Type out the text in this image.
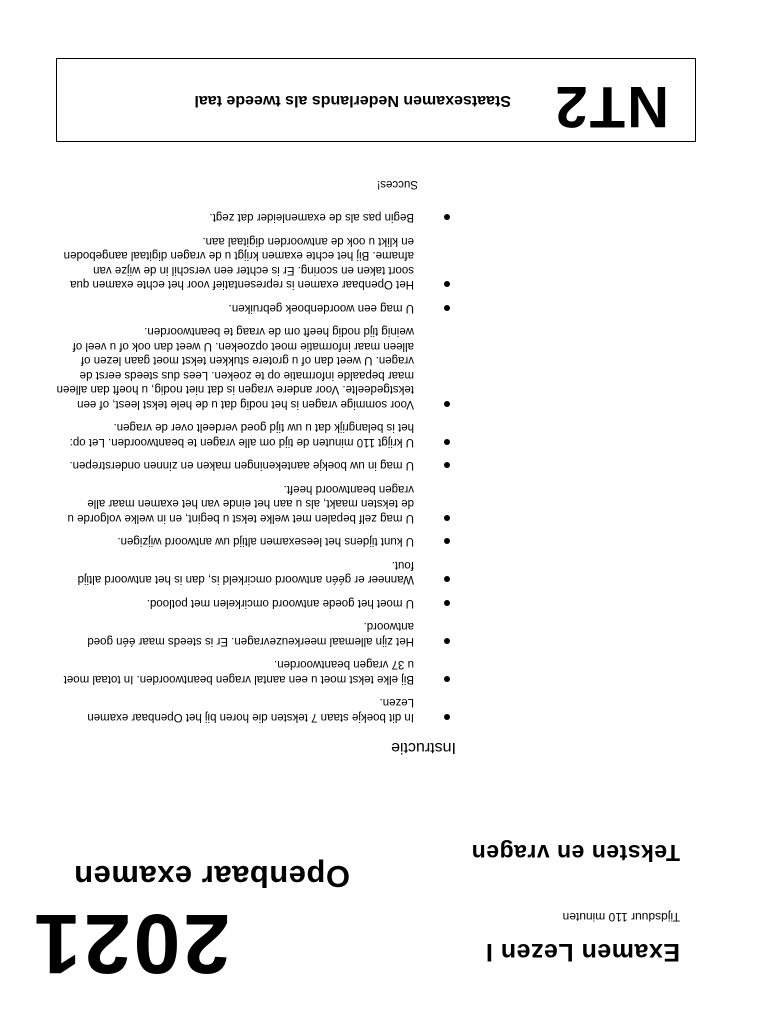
Examen Lezen I
Tijdsduur 110 minuten
2021
Openbaar examen
Teksten en vragen
Instructie
In dit boekje staan 7 teksten die horen bij het Openbaar examen Lezen.
Bij elke tekst moet u een aantal vragen beantwoorden. In totaal moet u 37 vragen beantwoorden.
Het zijn allemaal meerkeuzevragen. Er is steeds maar één goed antwoord.
U moet het goede antwoord omcirkelen met potlood.
Wanneer er géén antwoord omcirkeld is, dan is het antwoord altijd fout.
U kunt tijdens het leesexamen altijd uw antwoord wijzigen.
U mag zelf bepalen met welke tekst u begint, en in welke volgorde u de teksten maakt, als u aan het einde van het examen maar alle vragen beantwoord heeft.
U mag in uw boekje aantekeningen maken en zinnen onderstrepen.
U krijgt 110 minuten de tijd om alle vragen te beantwoorden. Let op: het is belangrijk dat u uw tijd goed verdeelt over de vragen.
Voor sommige vragen is het nodig dat u de hele tekst leest, of een tekstgedeelte. Voor andere vragen is dat niet nodig, u hoeft dan alleen maar bepaalde informatie op te zoeken. Lees dus steeds eerst de vragen. U weet dan of u grotere stukken tekst moet gaan lezen of alleen maar informatie moet opzoeken. U weet dan ook of u veel of weinig tijd nodig heeft om de vraag te beantwoorden.
U mag een woordenboek gebruiken.
Het Openbaar examen is representatief voor het echte examen qua soort taken en scoring. Er is echter een verschil in de wijze van afname. Bij het echte examen krijgt u de vragen digitaal aangeboden en klikt u ook de antwoorden digitaal aan.
Begin pas als de examenleider dat zegt.
Succes!
NT2
Staatsexamen Nederlands als tweede taal
